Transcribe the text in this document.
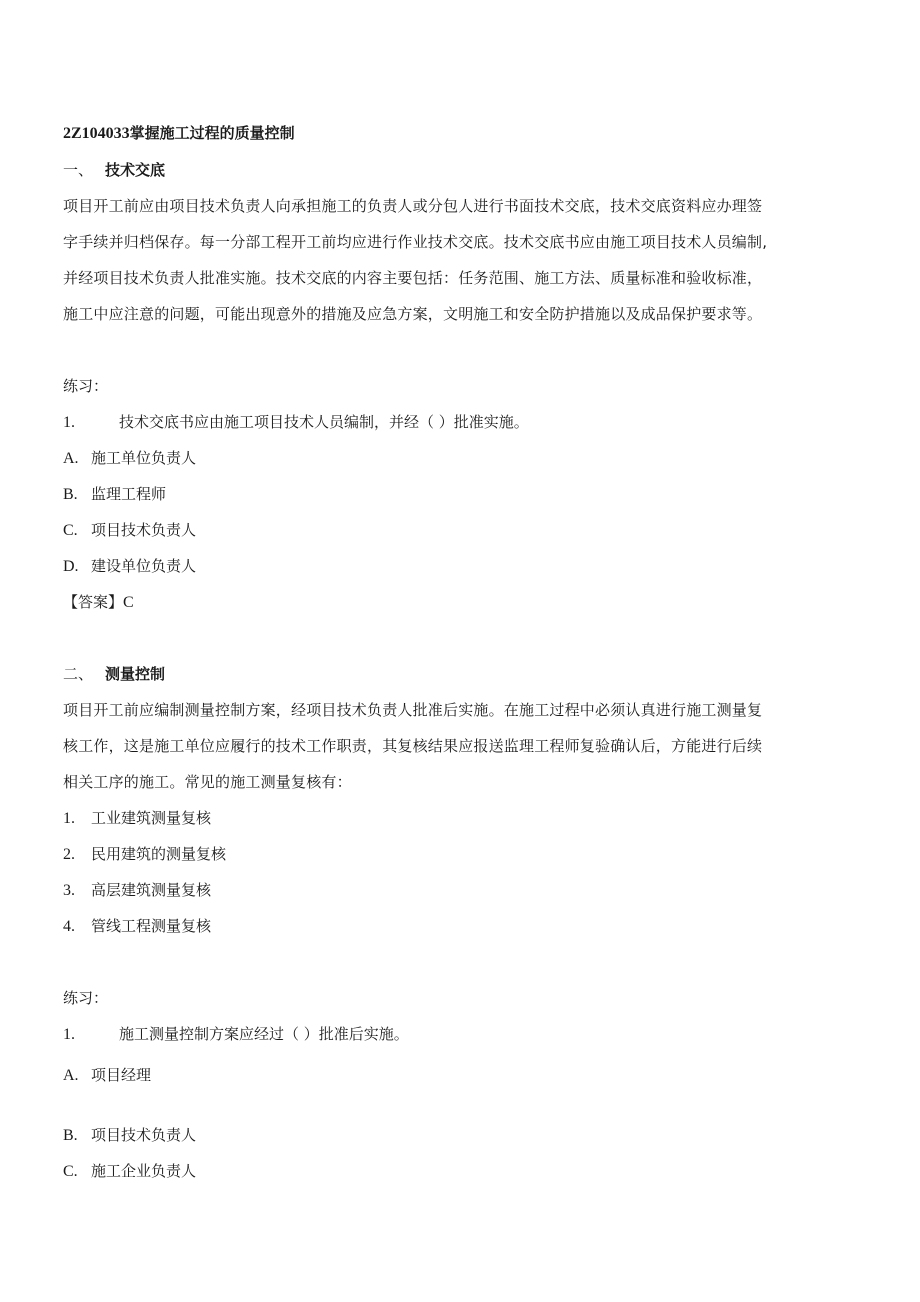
2Z104033掌握施工过程的质量控制
一、 技术交底
项目开工前应由项目技术负责人向承担施工的负责人或分包人进行书面技术交底，技术交底资料应办理签
字手续并归档保存。每一分部工程开工前均应进行作业技术交底。技术交底书应由施工项目技术人员编制,
并经项目技术负责人批准实施。技术交底的内容主要包括：任务范围、施工方法、质量标准和验收标准，
施工中应注意的问题，可能出现意外的措施及应急方案，文明施工和安全防护措施以及成品保护要求等。
练习：
1.	技术交底书应由施工项目技术人员编制，并经（ ）批准实施。
A. 施工单位负责人
B. 监理工程师
C. 项目技术负责人
D. 建设单位负责人
【答案】C
二、 测量控制
项目开工前应编制测量控制方案，经项目技术负责人批准后实施。在施工过程中必须认真进行施工测量复
核工作，这是施工单位应履行的技术工作职责，其复核结果应报送监理工程师复验确认后，方能进行后续
相关工序的施工。常见的施工测量复核有：
1. 工业建筑测量复核
2. 民用建筑的测量复核
3. 高层建筑测量复核
4. 管线工程测量复核
练习：
1.	施工测量控制方案应经过（ ）批准后实施。
A. 项目经理
B. 项目技术负责人
C. 施工企业负责人
